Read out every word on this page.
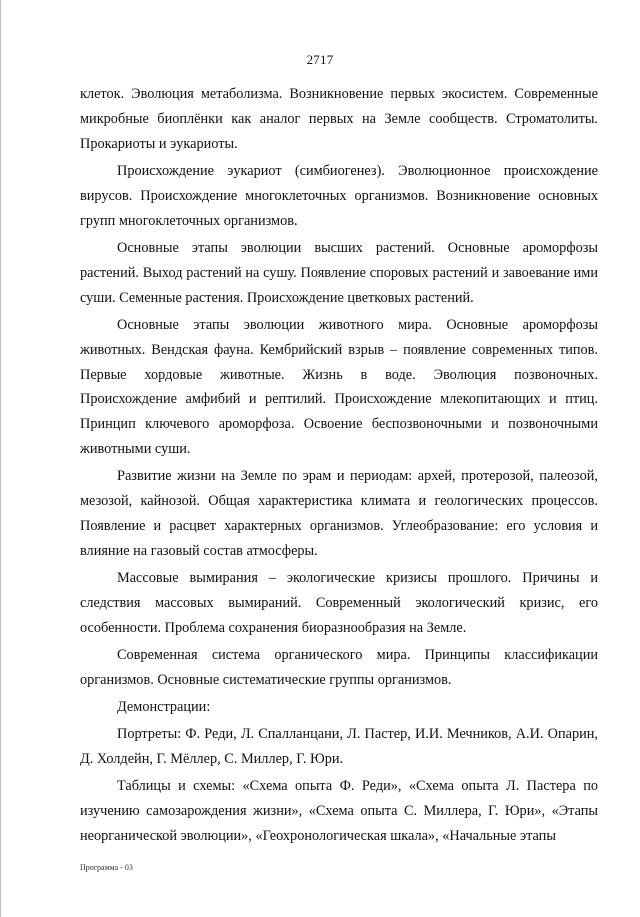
2717

клеток. Эволюция метаболизма. Возникновение первых экосистем. Современные микробные биоплёнки как аналог первых на Земле сообществ. Строматолиты. Прокариоты и эукариоты.

Происхождение эукариот (симбиогенез). Эволюционное происхождение вирусов. Происхождение многоклеточных организмов. Возникновение основных групп многоклеточных организмов.

Основные этапы эволюции высших растений. Основные ароморфозы растений. Выход растений на сушу. Появление споровых растений и завоевание ими суши. Семенные растения. Происхождение цветковых растений.

Основные этапы эволюции животного мира. Основные ароморфозы животных. Вендская фауна. Кембрийский взрыв – появление современных типов. Первые хордовые животные. Жизнь в воде. Эволюция позвоночных. Происхождение амфибий и рептилий. Происхождение млекопитающих и птиц. Принцип ключевого ароморфоза. Освоение беспозвоночными и позвоночными животными суши.

Развитие жизни на Земле по эрам и периодам: архей, протерозой, палеозой, мезозой, кайнозой. Общая характеристика климата и геологических процессов. Появление и расцвет характерных организмов. Углеобразование: его условия и влияние на газовый состав атмосферы.

Массовые вымирания – экологические кризисы прошлого. Причины и следствия массовых вымираний. Современный экологический кризис, его особенности. Проблема сохранения биоразнообразия на Земле.

Современная система органического мира. Принципы классификации организмов. Основные систематические группы организмов.

Демонстрации:

Портреты: Ф. Реди, Л. Спалланцани, Л. Пастер, И.И. Мечников, А.И. Опарин, Д. Холдейн, Г. Мёллер, С. Миллер, Г. Юри.

Таблицы и схемы: «Схема опыта Ф. Реди», «Схема опыта Л. Пастера по изучению самозарождения жизни», «Схема опыта С. Миллера, Г. Юри», «Этапы неорганической эволюции», «Геохронологическая шкала», «Начальные этапы

Программа - 03
